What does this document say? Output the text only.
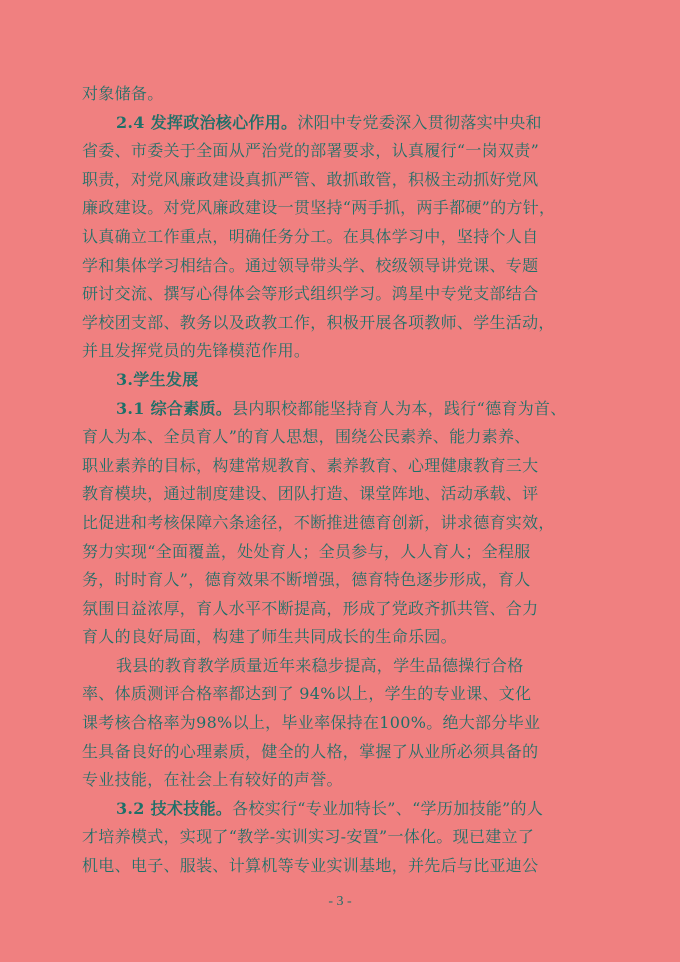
对象储备。
2.4 发挥政治核心作用。沭阳中专党委深入贯彻落实中央和
省委、市委关于全面从严治党的部署要求，认真履行“一岗双责”
职责，对党风廉政建设真抓严管、敢抓敢管，积极主动抓好党风
廉政建设。对党风廉政建设一贯坚持“两手抓，两手都硬”的方针，
认真确立工作重点，明确任务分工。在具体学习中，坚持个人自
学和集体学习相结合。通过领导带头学、校级领导讲党课、专题
研讨交流、撰写心得体会等形式组织学习。鸿星中专党支部结合
学校团支部、教务以及政教工作，积极开展各项教师、学生活动，
并且发挥党员的先锋模范作用。
3.学生发展
3.1 综合素质。县内职校都能坚持育人为本，践行“德育为首、
育人为本、全员育人”的育人思想，围绕公民素养、能力素养、
职业素养的目标，构建常规教育、素养教育、心理健康教育三大
教育模块，通过制度建设、团队打造、课堂阵地、活动承载、评
比促进和考核保障六条途径，不断推进德育创新，讲求德育实效，
努力实现“全面覆盖，处处育人；全员参与，人人育人；全程服
务，时时育人”，德育效果不断增强，德育特色逐步形成，育人
氛围日益浓厚，育人水平不断提高，形成了党政齐抓共管、合力
育人的良好局面，构建了师生共同成长的生命乐园。
我县的教育教学质量近年来稳步提高，学生品德操行合格
率、体质测评合格率都达到了 94%以上，学生的专业课、文化
课考核合格率为98%以上，毕业率保持在100%。绝大部分毕业
生具备良好的心理素质，健全的人格，掌握了从业所必须具备的
专业技能，在社会上有较好的声誉。
3.2 技术技能。各校实行“专业加特长”、“学历加技能”的人
才培养模式，实现了“教学-实训实习-安置”一体化。现已建立了
机电、电子、服装、计算机等专业实训基地，并先后与比亚迪公
- 3 -
